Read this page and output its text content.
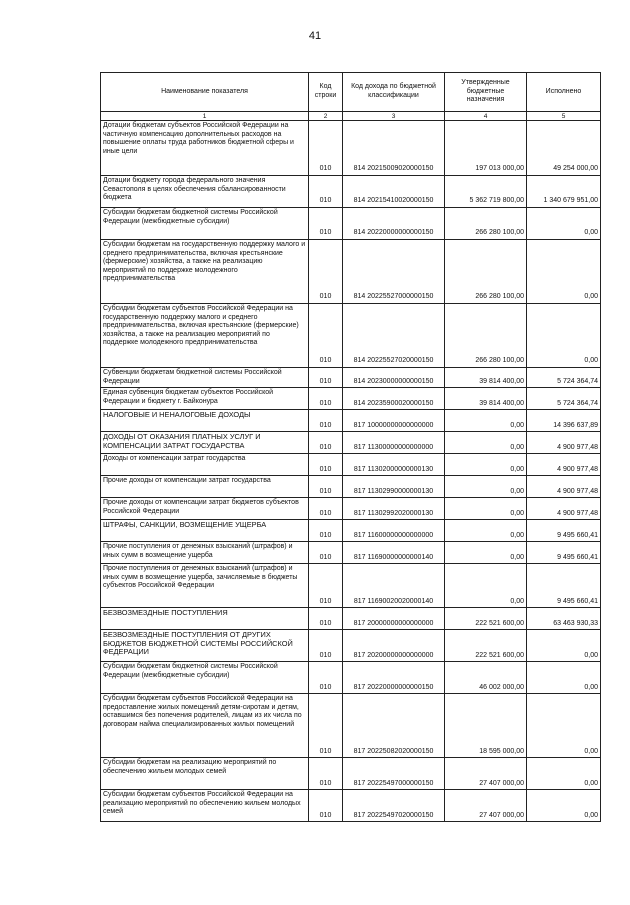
41
Наименование показателя	Код строки	Код дохода по бюджетной классификации	Утвержденные бюджетные назначения	Исполнено
1	2	3	4	5
Дотации бюджетам субъектов Российской Федерации на частичную компенсацию дополнительных расходов на повышение оплаты труда работников бюджетной сферы и иные цели	010	814 20215009020000150	197 013 000,00	49 254 000,00
Дотации бюджету города федерального значения Севастополя в целях обеспечения сбалансированности бюджета	010	814 20215410020000150	5 362 719 800,00	1 340 679 951,00
Субсидии бюджетам бюджетной системы Российской Федерации (межбюджетные субсидии)	010	814 20220000000000150	266 280 100,00	0,00
Субсидии бюджетам на государственную поддержку малого и среднего предпринимательства, включая крестьянские (фермерские) хозяйства, а также на реализацию мероприятий по поддержке молодежного предпринимательства	010	814 20225527000000150	266 280 100,00	0,00
Субсидии бюджетам субъектов Российской Федерации на государственную поддержку малого и среднего предпринимательства, включая крестьянские (фермерские) хозяйства, а также на реализацию мероприятий по поддержке молодежного предпринимательства	010	814 20225527020000150	266 280 100,00	0,00
Субвенции бюджетам бюджетной системы Российской Федерации	010	814 20230000000000150	39 814 400,00	5 724 364,74
Единая субвенция бюджетам субъектов Российской Федерации и бюджету г. Байконура	010	814 20235900020000150	39 814 400,00	5 724 364,74
НАЛОГОВЫЕ И НЕНАЛОГОВЫЕ ДОХОДЫ	010	817 10000000000000000	0,00	14 396 637,89
ДОХОДЫ ОТ ОКАЗАНИЯ ПЛАТНЫХ УСЛУГ И КОМПЕНСАЦИИ ЗАТРАТ ГОСУДАРСТВА	010	817 11300000000000000	0,00	4 900 977,48
Доходы от компенсации затрат государства	010	817 11302000000000130	0,00	4 900 977,48
Прочие доходы от компенсации затрат государства	010	817 11302990000000130	0,00	4 900 977,48
Прочие доходы от компенсации затрат бюджетов субъектов Российской Федерации	010	817 11302992020000130	0,00	4 900 977,48
ШТРАФЫ, САНКЦИИ, ВОЗМЕЩЕНИЕ УЩЕРБА	010	817 11600000000000000	0,00	9 495 660,41
Прочие поступления от денежных взысканий (штрафов) и иных сумм в возмещение ущерба	010	817 11690000000000140	0,00	9 495 660,41
Прочие поступления от денежных взысканий (штрафов) и иных сумм в возмещение ущерба, зачисляемые в бюджеты субъектов Российской Федерации	010	817 11690020020000140	0,00	9 495 660,41
БЕЗВОЗМЕЗДНЫЕ ПОСТУПЛЕНИЯ	010	817 20000000000000000	222 521 600,00	63 463 930,33
БЕЗВОЗМЕЗДНЫЕ ПОСТУПЛЕНИЯ ОТ ДРУГИХ БЮДЖЕТОВ БЮДЖЕТНОЙ СИСТЕМЫ РОССИЙСКОЙ ФЕДЕРАЦИИ	010	817 20200000000000000	222 521 600,00	0,00
Субсидии бюджетам бюджетной системы Российской Федерации (межбюджетные субсидии)	010	817 20220000000000150	46 002 000,00	0,00
Субсидии бюджетам субъектов Российской Федерации на предоставление жилых помещений детям-сиротам и детям, оставшимся без попечения родителей, лицам из их числа по договорам найма специализированных жилых помещений	010	817 20225082020000150	18 595 000,00	0,00
Субсидии бюджетам на реализацию мероприятий по обеспечению жильем молодых семей	010	817 20225497000000150	27 407 000,00	0,00
Субсидии бюджетам субъектов Российской Федерации на реализацию мероприятий по обеспечению жильем молодых семей	010	817 20225497020000150	27 407 000,00	0,00
